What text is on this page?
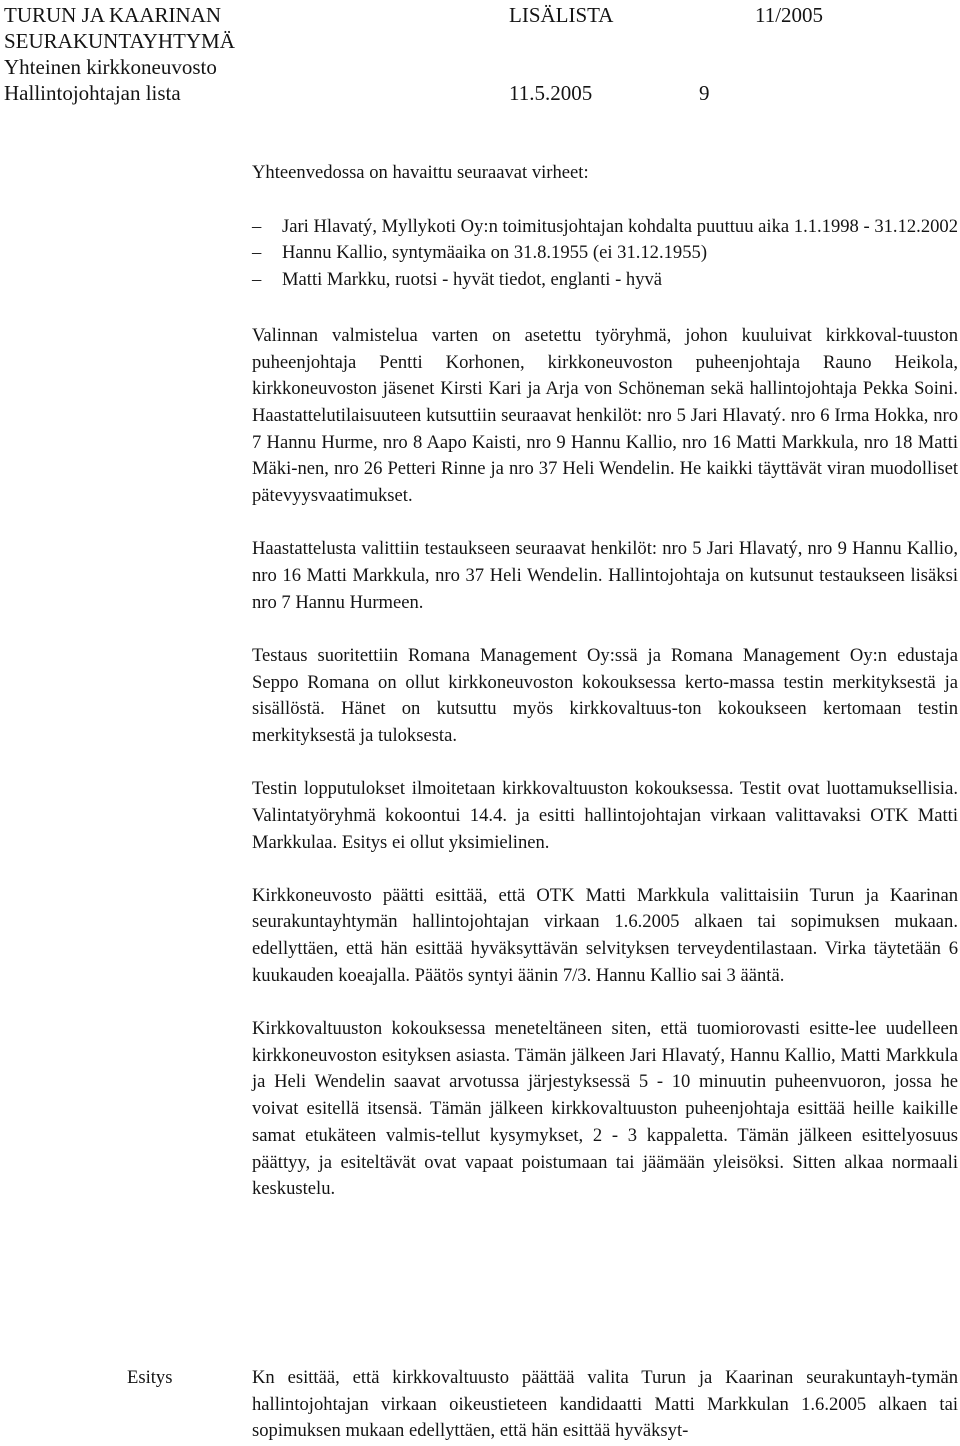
TURUN JA KAARINAN	LISÄLISTA	11/2005
SEURAKUNTAYHTYMÄ
Yhteinen kirkkoneuvosto
Hallintojohtajan lista	11.5.2005	9

Yhteenvedossa on havaittu seuraavat virheet:

– Jari Hlavatý, Myllykoti Oy:n toimitusjohtajan kohdalta puuttuu aika 1.1.1998 - 31.12.2002
– Hannu Kallio, syntymäaika on 31.8.1955 (ei 31.12.1955)
– Matti Markku, ruotsi - hyvät tiedot, englanti - hyvä

Valinnan valmistelua varten on asetettu työryhmä, johon kuuluivat kirkkoval-tuuston puheenjohtaja Pentti Korhonen, kirkkoneuvoston puheenjohtaja Rauno Heikola, kirkkoneuvoston jäsenet Kirsti Kari ja Arja von Schöneman sekä hallintojohtaja Pekka Soini. Haastattelutilaisuuteen kutsuttiin seuraavat henkilöt: nro 5 Jari Hlavatý. nro 6 Irma Hokka, nro 7 Hannu Hurme, nro 8 Aapo Kaisti, nro 9 Hannu Kallio, nro 16 Matti Markkula, nro 18 Matti Mäki-nen, nro 26 Petteri Rinne ja nro 37 Heli Wendelin. He kaikki täyttävät viran muodolliset pätevyysvaatimukset.

Haastattelusta valittiin testaukseen seuraavat henkilöt: nro 5 Jari Hlavatý, nro 9 Hannu Kallio, nro 16 Matti Markkula, nro 37 Heli Wendelin. Hallintojohtaja on kutsunut testaukseen lisäksi nro 7 Hannu Hurmeen.

Testaus suoritettiin Romana Management Oy:ssä ja Romana Management Oy:n edustaja Seppo Romana on ollut kirkkoneuvoston kokouksessa kerto-massa testin merkityksestä ja sisällöstä. Hänet on kutsuttu myös kirkkovaltuus-ton kokoukseen kertomaan testin merkityksestä ja tuloksesta.

Testin lopputulokset ilmoitetaan kirkkovaltuuston kokouksessa. Testit ovat luottamuksellisia. Valintatyöryhmä kokoontui 14.4. ja esitti hallintojohtajan virkaan valittavaksi OTK Matti Markkulaa. Esitys ei ollut yksimielinen.

Kirkkoneuvosto päätti esittää, että OTK Matti Markkula valittaisiin Turun ja Kaarinan seurakuntayhtymän hallintojohtajan virkaan 1.6.2005 alkaen tai sopimuksen mukaan. edellyttäen, että hän esittää hyväksyttävän selvityksen terveydentilastaan. Virka täytetään 6 kuukauden koeajalla. Päätös syntyi äänin 7/3. Hannu Kallio sai 3 ääntä.

Kirkkovaltuuston kokouksessa meneteltäneen siten, että tuomiorovasti esitte-lee uudelleen kirkkoneuvoston esityksen asiasta. Tämän jälkeen Jari Hlavatý, Hannu Kallio, Matti Markkula ja Heli Wendelin saavat arvotussa järjestyksessä 5 - 10 minuutin puheenvuoron, jossa he voivat esitellä itsensä. Tämän jälkeen kirkkovaltuuston puheenjohtaja esittää heille kaikille samat etukäteen valmis-tellut kysymykset, 2 - 3 kappaletta. Tämän jälkeen esittelyosuus päättyy, ja esiteltävät ovat vapaat poistumaan tai jäämään yleisöksi. Sitten alkaa normaali keskustelu.

Esitys	Kn esittää, että kirkkovaltuusto päättää valita Turun ja Kaarinan seurakuntayh-tymän hallintojohtajan virkaan oikeustieteen kandidaatti Matti Markkulan 1.6.2005 alkaen tai sopimuksen mukaan edellyttäen, että hän esittää hyväksyt-
